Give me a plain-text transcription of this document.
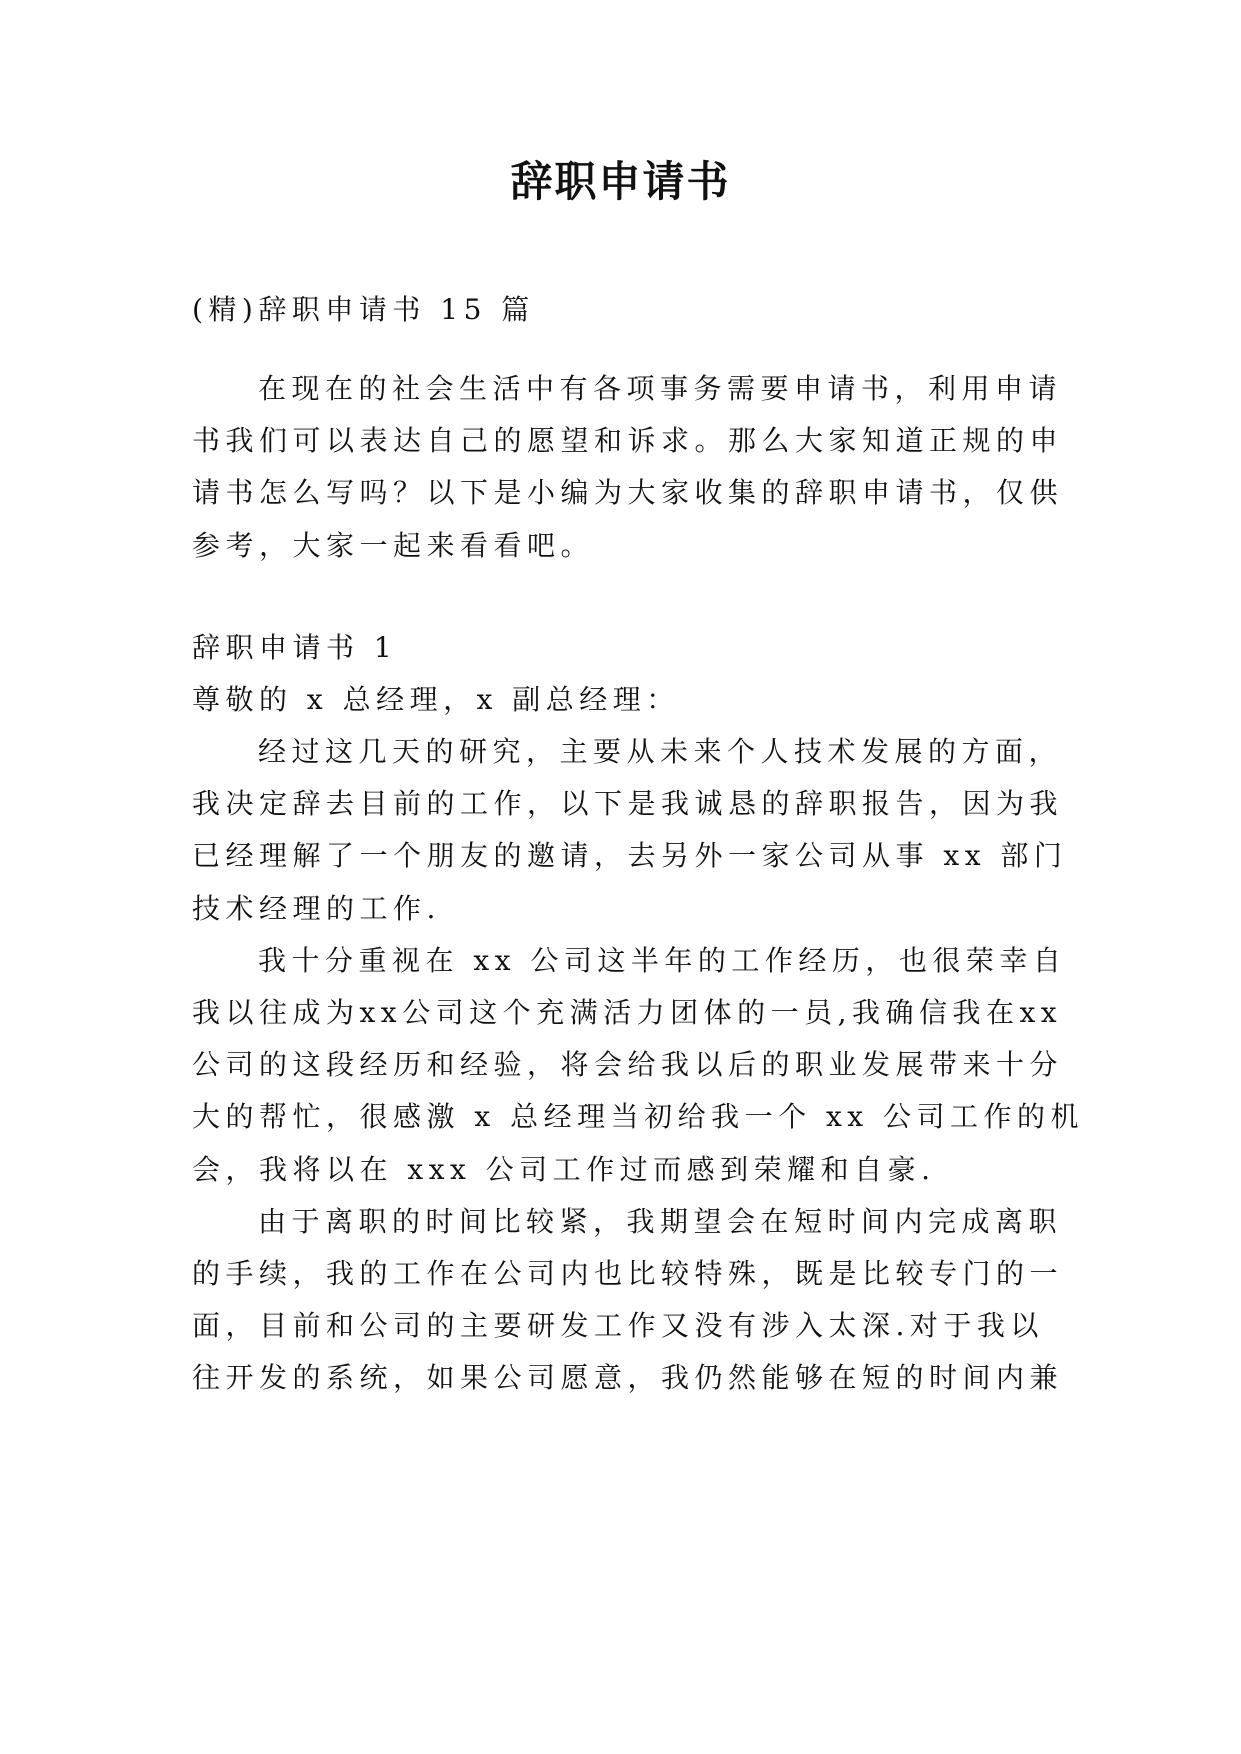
辞职申请书

(精)辞职申请书 15 篇

在现在的社会生活中有各项事务需要申请书，利用申请

书我们可以表达自己的愿望和诉求。那么大家知道正规的申

请书怎么写吗？以下是小编为大家收集的辞职申请书，仅供

参考，大家一起来看看吧。

辞职申请书 1

尊敬的 x 总经理，x 副总经理：

经过这几天的研究，主要从未来个人技术发展的方面，

我决定辞去目前的工作，以下是我诚恳的辞职报告，因为我

已经理解了一个朋友的邀请，去另外一家公司从事 xx 部门

技术经理的工作.

我十分重视在 xx 公司这半年的工作经历，也很荣幸自

我以往成为xx公司这个充满活力团体的一员,我确信我在xx

公司的这段经历和经验，将会给我以后的职业发展带来十分

大的帮忙，很感激 x 总经理当初给我一个 xx 公司工作的机

会，我将以在 xxx 公司工作过而感到荣耀和自豪.

由于离职的时间比较紧，我期望会在短时间内完成离职

的手续，我的工作在公司内也比较特殊，既是比较专门的一

面，目前和公司的主要研发工作又没有涉入太深.对于我以

往开发的系统，如果公司愿意，我仍然能够在短的时间内兼
